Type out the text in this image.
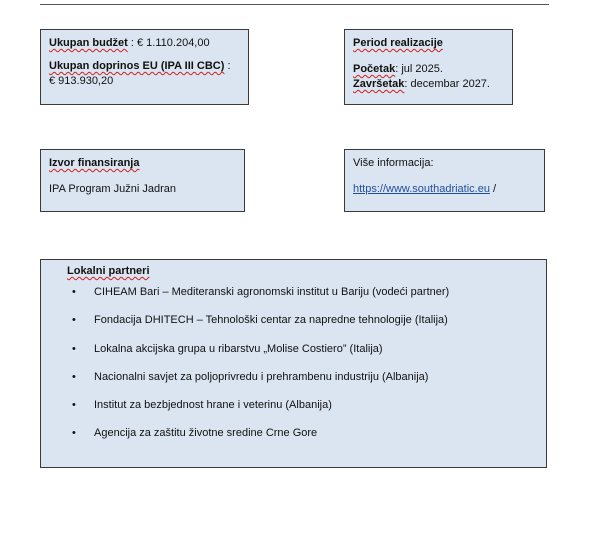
Ukupan budžet : € 1.110.204,00
Ukupan doprinos EU (IPA III CBC) :
€ 913.930,20
Period realizacije
Početak: jul 2025.
Završetak: decembar 2027.
Izvor finansiranja
IPA Program Južni Jadran
Više informacija:
https://www.southadriatic.eu /
Lokalni partneri
• CIHEAM Bari – Mediteranski agronomski institut u Bariju (vodeći partner)
• Fondacija DHITECH – Tehnološki centar za napredne tehnologije (Italija)
• Lokalna akcijska grupa u ribarstvu „Molise Costiero” (Italija)
• Nacionalni savjet za poljoprivredu i prehrambenu industriju (Albanija)
• Institut za bezbjednost hrane i veterinu (Albanija)
• Agencija za zaštitu životne sredine Crne Gore
